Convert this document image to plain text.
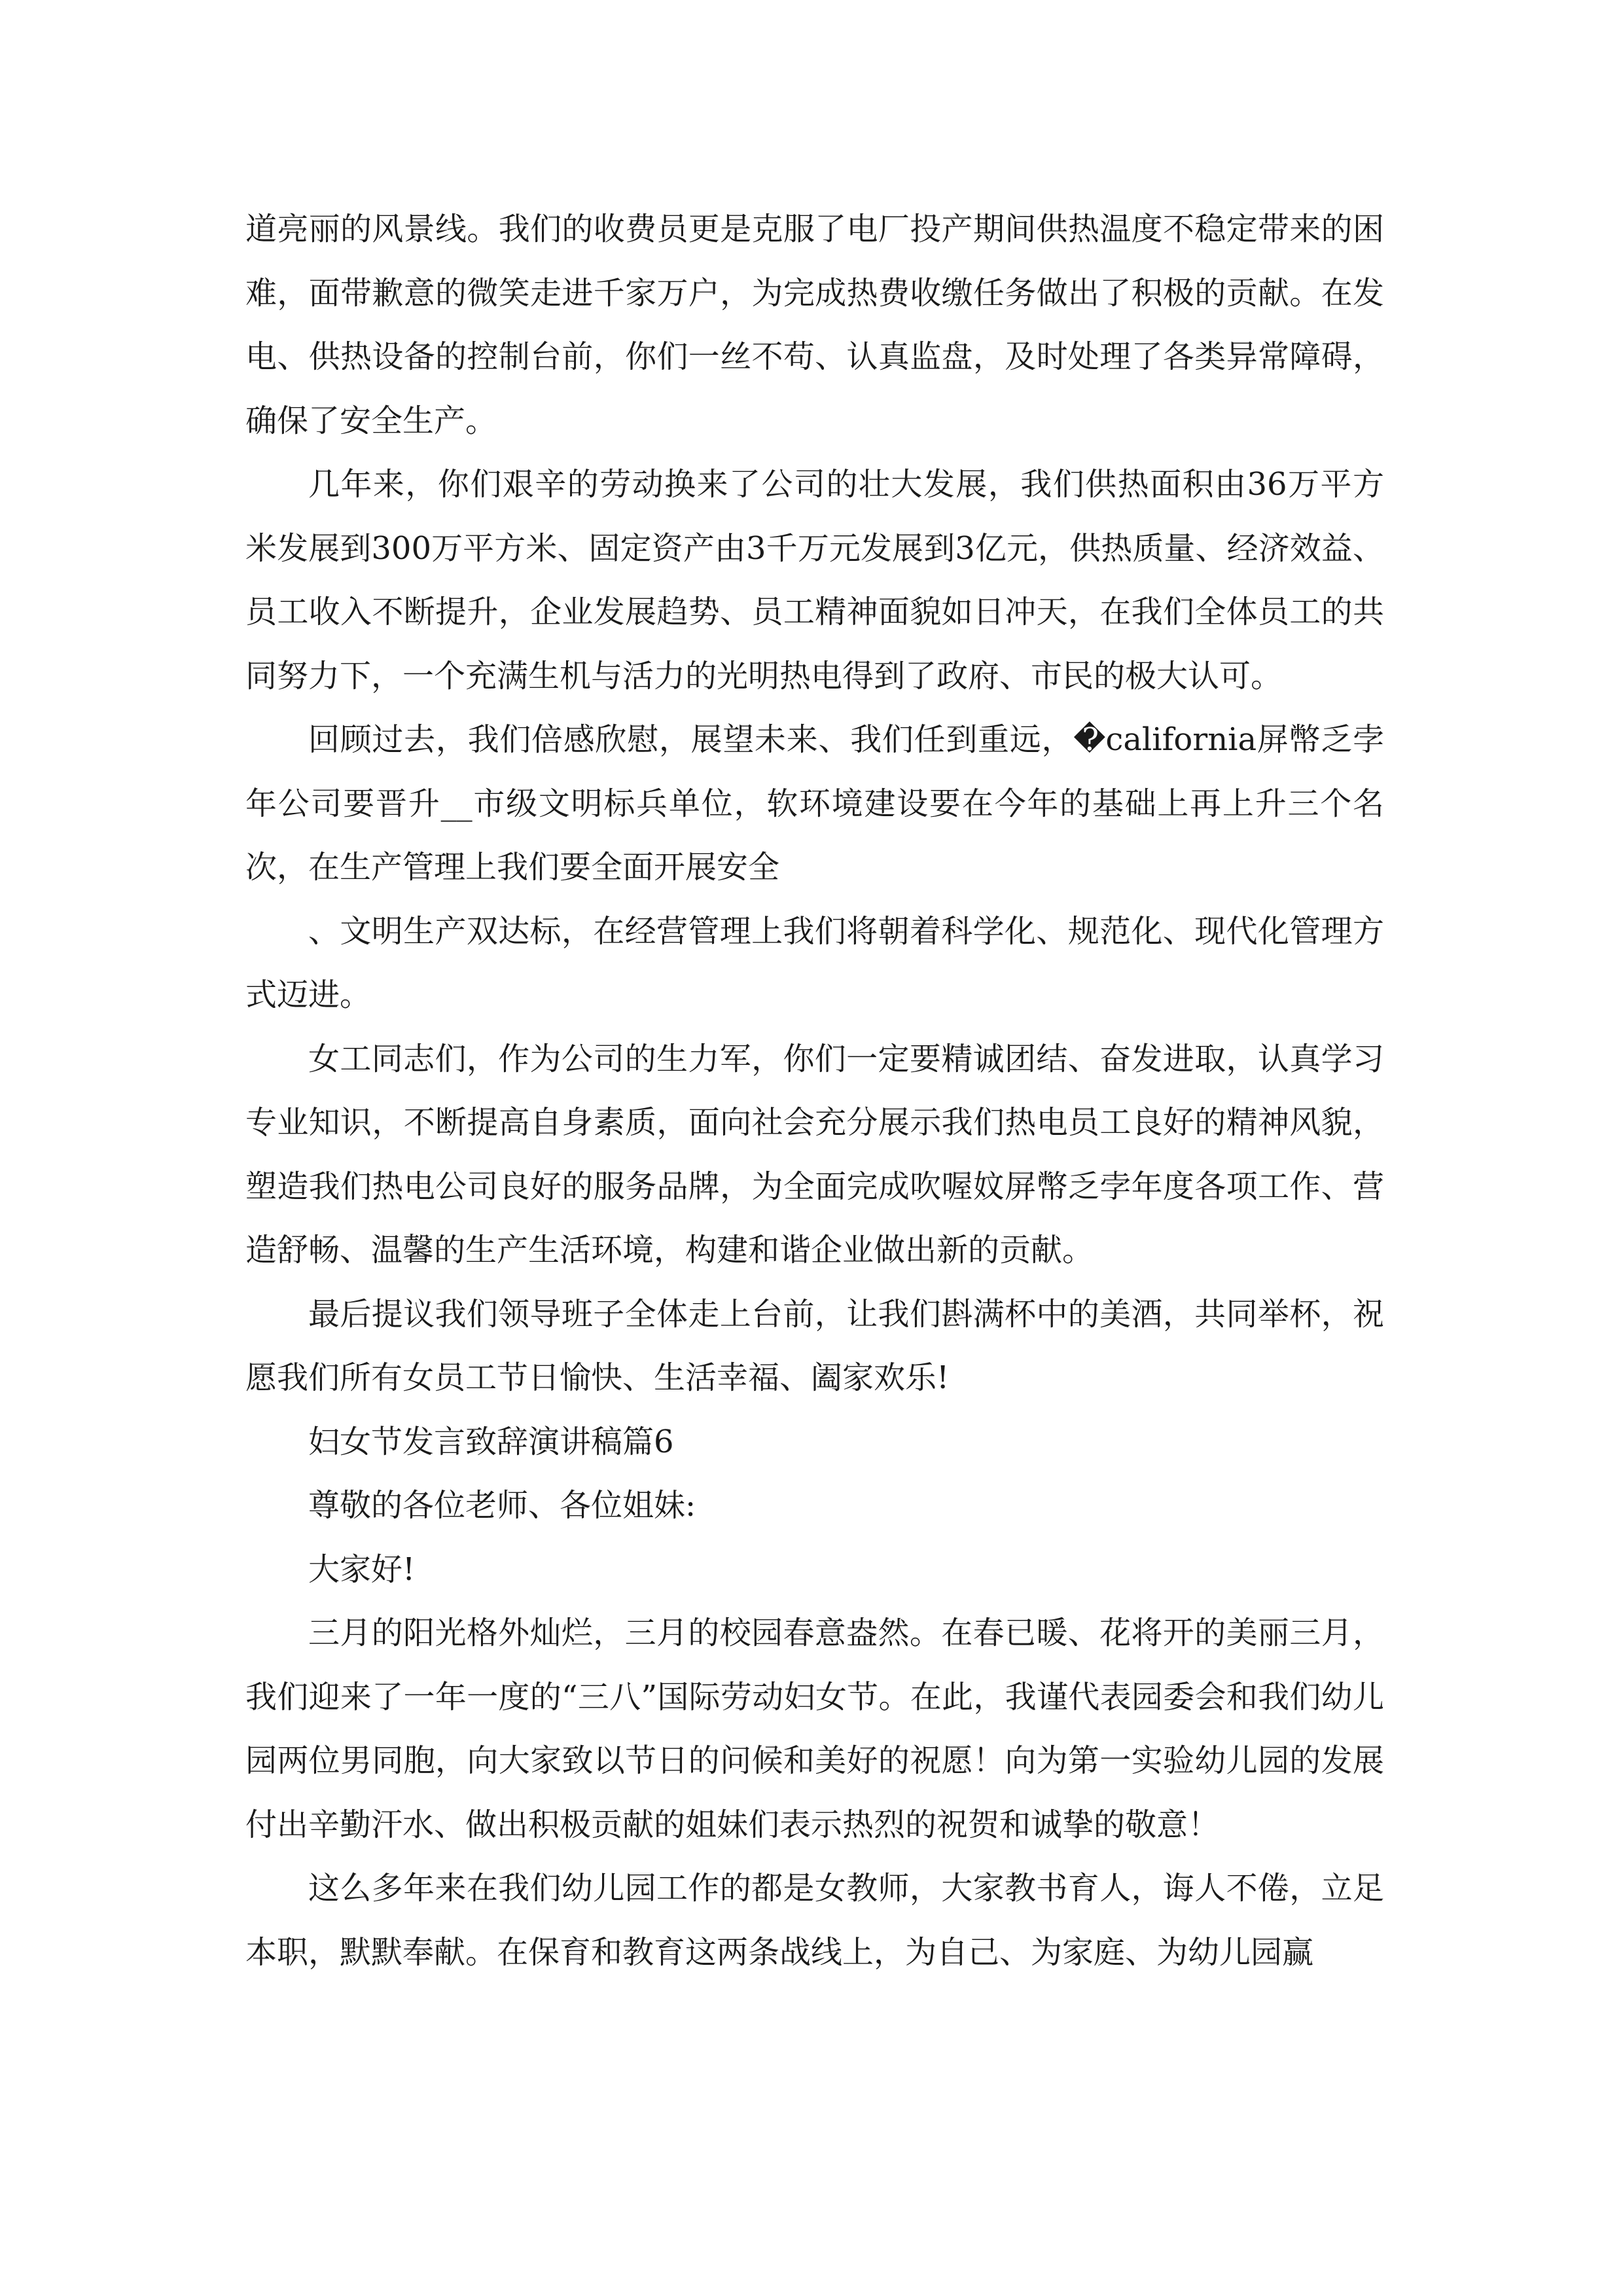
道亮丽的风景线。我们的收费员更是克服了电厂投产期间供热温度不稳定带来的困难，面带歉意的微笑走进千家万户，为完成热费收缴任务做出了积极的贡献。在发电、供热设备的控制台前，你们一丝不苟、认真监盘，及时处理了各类异常障碍，确保了安全生产。

几年来，你们艰辛的劳动换来了公司的壮大发展，我们供热面积由36万平方米发展到300万平方米、固定资产由3千万元发展到3亿元，供热质量、经济效益、员工收入不断提升，企业发展趋势、员工精神面貌如日冲天，在我们全体员工的共同努力下，一个充满生机与活力的光明热电得到了政府、市民的极大认可。

回顾过去，我们倍感欣慰，展望未来、我们任到重远，�california屏幣乏孛年公司要晋升__市级文明标兵单位，软环境建设要在今年的基础上再上升三个名次，在生产管理上我们要全面开展安全

、文明生产双达标，在经营管理上我们将朝着科学化、规范化、现代化管理方式迈进。

女工同志们，作为公司的生力军，你们一定要精诚团结、奋发进取，认真学习专业知识，不断提高自身素质，面向社会充分展示我们热电员工良好的精神风貌，塑造我们热电公司良好的服务品牌，为全面完成吹喔妏屏幣乏孛年度各项工作、营造舒畅、温馨的生产生活环境，构建和谐企业做出新的贡献。

最后提议我们领导班子全体走上台前，让我们斟满杯中的美酒，共同举杯，祝愿我们所有女员工节日愉快、生活幸福、阖家欢乐!

妇女节发言致辞演讲稿篇6

尊敬的各位老师、各位姐妹:

大家好!

三月的阳光格外灿烂，三月的校园春意盎然。在春已暖、花将开的美丽三月，我们迎来了一年一度的“三八”国际劳动妇女节。在此，我谨代表园委会和我们幼儿园两位男同胞，向大家致以节日的问候和美好的祝愿！向为第一实验幼儿园的发展付出辛勤汗水、做出积极贡献的姐妹们表示热烈的祝贺和诚挚的敬意！

这么多年来在我们幼儿园工作的都是女教师，大家教书育人，诲人不倦，立足本职，默默奉献。在保育和教育这两条战线上，为自己、为家庭、为幼儿园赢
